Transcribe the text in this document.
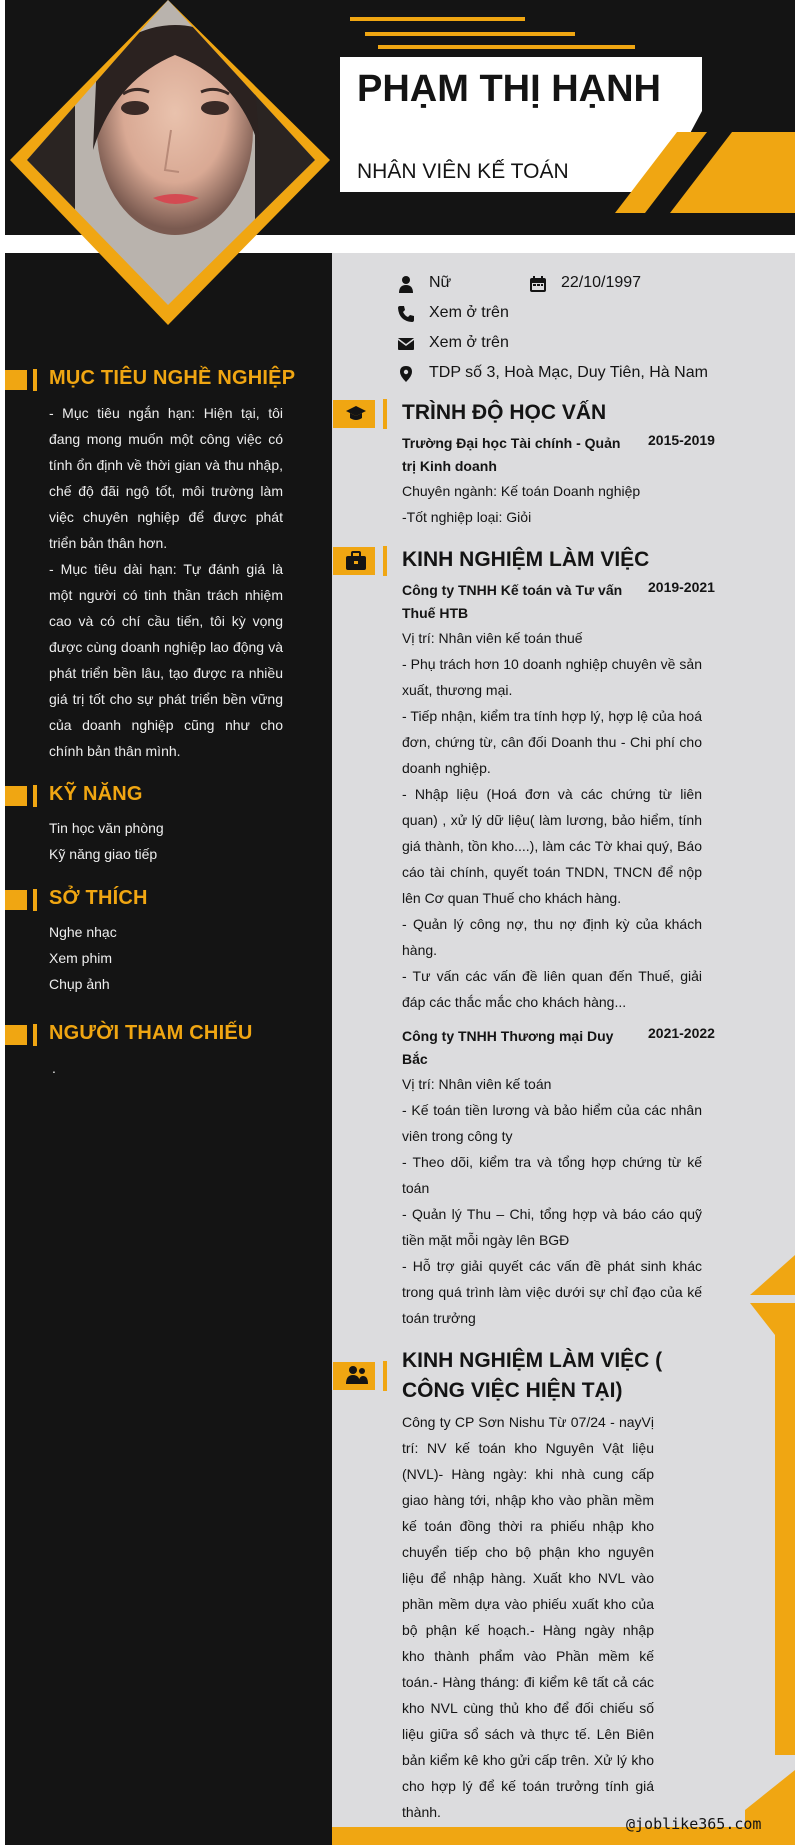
PHẠM THỊ HẠNH
NHÂN VIÊN KẾ TOÁN
MỤC TIÊU NGHỀ NGHIỆP
- Mục tiêu ngắn hạn: Hiện tại, tôi đang mong muốn một công việc có tính ổn định về thời gian và thu nhập, chế độ đãi ngộ tốt, môi trường làm việc chuyên nghiệp để được phát triển bản thân hơn.
- Mục tiêu dài hạn: Tự đánh giá là một người có tinh thần trách nhiệm cao và có chí cầu tiến, tôi kỳ vọng được cùng doanh nghiệp lao động và phát triển bền lâu, tạo được ra nhiều giá trị tốt cho sự phát triển bền vững của doanh nghiệp cũng như cho chính bản thân mình.
KỸ NĂNG
Tin học văn phòng
Kỹ năng giao tiếp
SỞ THÍCH
Nghe nhạc
Xem phim
Chụp ảnh
NGƯỜI THAM CHIẾU
.
Nữ	22/10/1997
Xem ở trên
Xem ở trên
TDP số 3, Hoà Mạc, Duy Tiên, Hà Nam
TRÌNH ĐỘ HỌC VẤN
Trường Đại học Tài chính - Quản 2015-2019
trị Kinh doanh
Chuyên ngành: Kế toán Doanh nghiệp
-Tốt nghiệp loại: Giỏi
KINH NGHIỆM LÀM VIỆC
Công ty TNHH Kế toán và Tư vấn 2019-2021
Thuế HTB
Vị trí: Nhân viên kế toán thuế
- Phụ trách hơn 10 doanh nghiệp chuyên về sản xuất, thương mại.
- Tiếp nhận, kiểm tra tính hợp lý, hợp lệ của hoá đơn, chứng từ, cân đối Doanh thu - Chi phí cho doanh nghiệp.
- Nhập liệu (Hoá đơn và các chứng từ liên quan) , xử lý dữ liệu( làm lương, bảo hiểm, tính giá thành, tồn kho....), làm các Tờ khai quý, Báo cáo tài chính, quyết toán TNDN, TNCN để nộp lên Cơ quan Thuế cho khách hàng.
- Quản lý công nợ, thu nợ định kỳ của khách hàng.
- Tư vấn các vấn đề liên quan đến Thuế, giải đáp các thắc mắc cho khách hàng...
Công ty TNHH Thương mại Duy 2021-2022
Bắc
Vị trí: Nhân viên kế toán
- Kế toán tiền lương và bảo hiểm của các nhân viên trong công ty
- Theo dõi, kiểm tra và tổng hợp chứng từ kế toán
- Quản lý Thu – Chi, tổng hợp và báo cáo quỹ tiền mặt mỗi ngày lên BGĐ
- Hỗ trợ giải quyết các vấn đề phát sinh khác trong quá trình làm việc dưới sự chỉ đạo của kế toán trưởng
KINH NGHIỆM LÀM VIỆC ( CÔNG VIỆC HIỆN TẠI)
Công ty CP Sơn Nishu Từ 07/24 - nayVị trí: NV kế toán kho Nguyên Vật liệu (NVL)- Hàng ngày: khi nhà cung cấp giao hàng tới, nhập kho vào phần mềm kế toán đồng thời ra phiếu nhập kho chuyển tiếp cho bộ phận kho nguyên liệu để nhập hàng. Xuất kho NVL vào phần mềm dựa vào phiếu xuất kho của bộ phận kế hoạch.- Hàng ngày nhập kho thành phẩm vào Phần mềm kế toán.- Hàng tháng: đi kiểm kê tất cả các kho NVL cùng thủ kho để đối chiếu số liệu giữa sổ sách và thực tế. Lên Biên bản kiểm kê kho gửi cấp trên. Xử lý kho cho hợp lý để kế toán trưởng tính giá thành.
@joblike365.com
